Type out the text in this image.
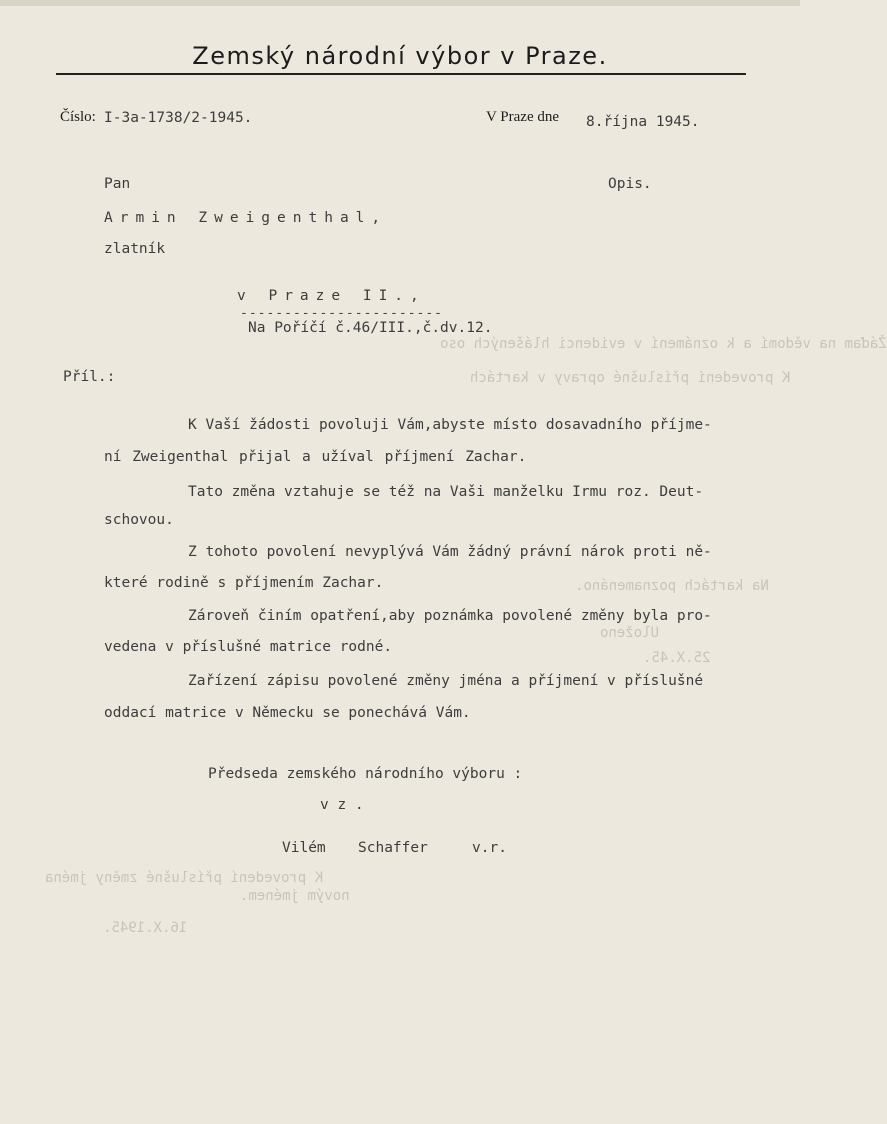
Zemský národní výbor v Praze.
Číslo: I-3a-1738/2-1945.	V Praze dne 8.října 1945.
Pan	Opis.
Armin Zweigenthal,
zlatník
v Praze II.,
-----------------------
Na Poříčí č.46/III.,č.dv.12.
Příl.:
Žáďam na vědomí a k oznámení v evidenci hlášených oso
K provedení příslušné opravy v kartách
Na kartách poznamenáno.
Uloženo
25.X.45.
K provedení příslušné změny jména
novým jménem.
16.X.1945.
K Vaší žádosti povoluji Vám,abyste místo dosavadního příjme-
ní Zweigenthal přijal a užíval příjmení Zachar.
Tato změna vztahuje se též na Vaši manželku Irmu roz. Deut-
schovou.
Z tohoto povolení nevyplývá Vám žádný právní nárok proti ně-
které rodině s příjmením Zachar.
Zároveň činím opatření,aby poznámka povolené změny byla pro-
vedena v příslušné matrice rodné.
Zařízení zápisu povolené změny jména a příjmení v příslušné
oddací matrice v Německu se ponechává Vám.
Předseda zemského národního výboru :
v z .
Vilém Schaffer	v.r.
